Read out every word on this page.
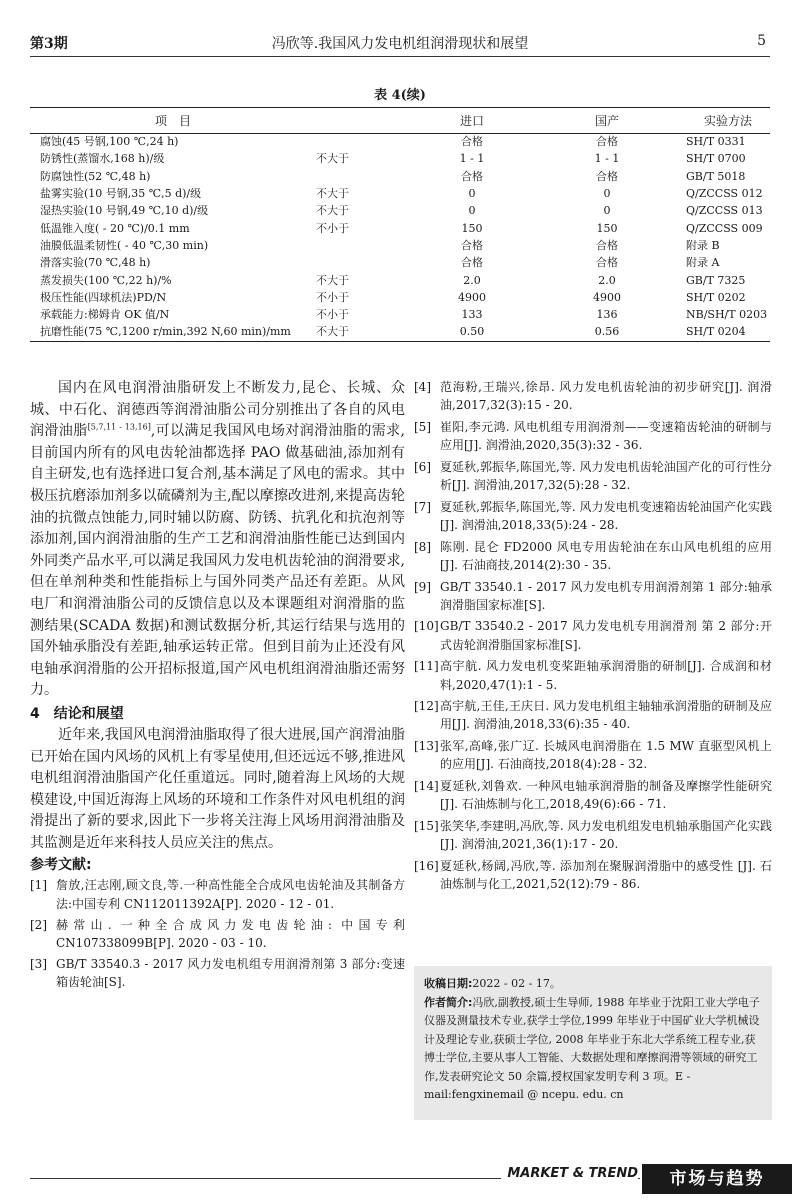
第3期	冯欣等.我国风力发电机组润滑现状和展望	5
表 4(续)
项　目		进口	国产	实验方法
腐蚀(45 号钢,100 ℃,24 h)		合格	合格	SH/T 0331
防锈性(蒸馏水,168 h)/级	不大于	1 - 1	1 - 1	SH/T 0700
防腐蚀性(52 ℃,48 h)		合格	合格	GB/T 5018
盐雾实验(10 号钢,35 ℃,5 d)/级	不大于	0	0	Q/ZCCSS 012
湿热实验(10 号钢,49 ℃,10 d)/级	不大于	0	0	Q/ZCCSS 013
低温锥入度( - 20 ℃)/0.1 mm	不小于	150	150	Q/ZCCSS 009
油膜低温柔韧性( - 40 ℃,30 min)		合格	合格	附录 B
滑落实验(70 ℃,48 h)		合格	合格	附录 A
蒸发损失(100 ℃,22 h)/%	不大于	2.0	2.0	GB/T 7325
极压性能(四球机法)PD/N	不小于	4900	4900	SH/T 0202
承载能力:梯姆肯 OK 值/N	不小于	133	136	NB/SH/T 0203
抗磨性能(75 ℃,1200 r/min,392 N,60 min)/mm	不大于	0.50	0.56	SH/T 0204

国内在风电润滑油脂研发上不断发力,昆仑、长城、众城、中石化、润德西等润滑油脂公司分别推出了各自的风电润滑油脂[5,7,11 - 13,16],可以满足我国风电场对润滑油脂的需求,目前国内所有的风电齿轮油都选择 PAO 做基础油,添加剂有自主研发,也有选择进口复合剂,基本满足了风电的需求。其中极压抗磨添加剂多以硫磷剂为主,配以摩擦改进剂,来提高齿轮油的抗微点蚀能力,同时辅以防腐、防锈、抗乳化和抗泡剂等添加剂,国内润滑油脂的生产工艺和润滑油脂性能已达到国内外同类产品水平,可以满足我国风力发电机齿轮油的润滑要求,但在单剂种类和性能指标上与国外同类产品还有差距。从风电厂和润滑油脂公司的反馈信息以及本课题组对润滑脂的监测结果(SCADA 数据)和测试数据分析,其运行结果与选用的国外轴承脂没有差距,轴承运转正常。但到目前为止还没有风电轴承润滑脂的公开招标报道,国产风电机组润滑油脂还需努力。

4　结论和展望

近年来,我国风电润滑油脂取得了很大进展,国产润滑油脂已开始在国内风场的风机上有零星使用,但还远远不够,推进风电机组润滑油脂国产化任重道远。同时,随着海上风场的大规模建设,中国近海海上风场的环境和工作条件对风电机组的润滑提出了新的要求,因此下一步将关注海上风场用润滑油脂及其监测是近年来科技人员应关注的焦点。

参考文献:
[1] 詹放,汪志刚,顾文良,等.一种高性能全合成风电齿轮油及其制备方法:中国专利 CN112011392A[P]. 2020 - 12 - 01.
[2] 赫常山. 一种全合成风力发电齿轮油: 中国专利 CN107338099B[P]. 2020 - 03 - 10.
[3] GB/T 33540.3 - 2017 风力发电机组专用润滑剂第 3 部分:变速箱齿轮油[S].
[4] 范海粉,王瑞兴,徐昂. 风力发电机齿轮油的初步研究[J]. 润滑油,2017,32(3):15 - 20.
[5] 崔阳,李元鸿. 风电机组专用润滑剂——变速箱齿轮油的研制与应用[J]. 润滑油,2020,35(3):32 - 36.
[6] 夏延秋,郭振华,陈国光,等. 风力发电机齿轮油国产化的可行性分析[J]. 润滑油,2017,32(5):28 - 32.
[7] 夏延秋,郭振华,陈国光,等. 风力发电机变速箱齿轮油国产化实践[J]. 润滑油,2018,33(5):24 - 28.
[8] 陈刚. 昆仑 FD2000 风电专用齿轮油在东山风电机组的应用[J]. 石油商技,2014(2):30 - 35.
[9] GB/T 33540.1 - 2017 风力发电机专用润滑剂第 1 部分:轴承润滑脂国家标准[S].
[10] GB/T 33540.2 - 2017 风力发电机专用润滑剂 第 2 部分:开式齿轮润滑脂国家标准[S].
[11] 高宇航. 风力发电机变桨距轴承润滑脂的研制[J]. 合成润和材料,2020,47(1):1 - 5.
[12] 高宇航,王佳,王庆日. 风力发电机组主轴轴承润滑脂的研制及应用[J]. 润滑油,2018,33(6):35 - 40.
[13] 张军,高峰,张广辽. 长城风电润滑脂在 1.5 MW 直驱型风机上的应用[J]. 石油商技,2018(4):28 - 32.
[14] 夏延秋,刘鲁欢. 一种风电轴承润滑脂的制备及摩擦学性能研究[J]. 石油炼制与化工,2018,49(6):66 - 71.
[15] 张笑华,李建明,冯欣,等. 风力发电机组发电机轴承脂国产化实践[J]. 润滑油,2021,36(1):17 - 20.
[16] 夏延秋,杨阔,冯欣,等. 添加剂在聚脲润滑脂中的感受性 [J]. 石油炼制与化工,2021,52(12):79 - 86.
收稿日期:2022 - 02 - 17。
作者简介:冯欣,副教授,硕士生导师, 1988 年毕业于沈阳工业大学电子仪器及测量技术专业,获学士学位,1999 年毕业于中国矿业大学机械设计及理论专业,获硕士学位, 2008 年毕业于东北大学系统工程专业,获博士学位,主要从事人工智能、大数据处理和摩擦润滑等领域的研究工作,发表研究论文 50 余篇,授权国家发明专利 3 项。E - mail:fengxinemail @ ncepu. edu. cn
MARKET & TREND	市场与趋势
